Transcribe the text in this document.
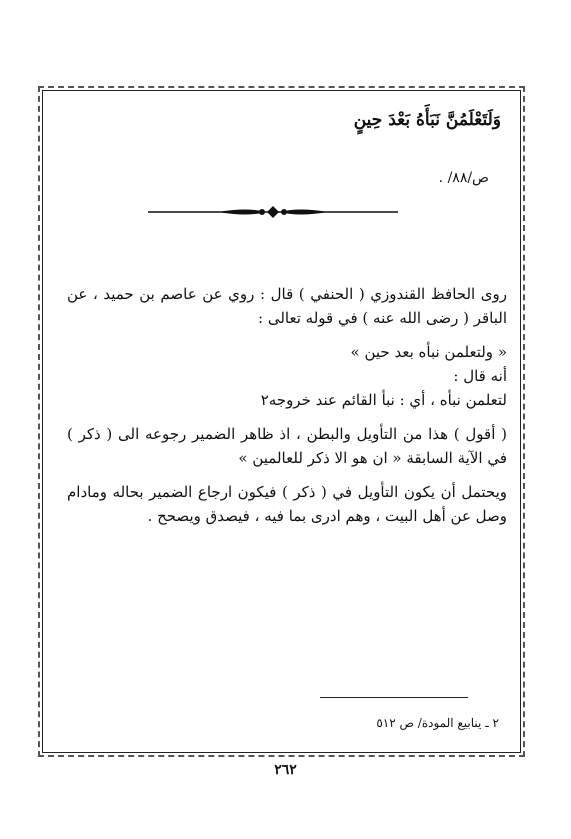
وَلَتَعْلَمُنَّ نَبَأَهُ بَعْدَ حِينٍ
ص/٨٨/ .

روى الحافظ القندوزي ( الحنفي ) قال : روي عن عاصم بن حميد ، عن الباقر ( رضى الله عنه ) في قوله تعالى :

« ولتعلمن نبأه بعد حين »

أنه قال :

لتعلمن نبأه ، أي : نبأ القائم عند خروجه٢

( أقول ) هذا من التأويل والبطن ، اذ ظاهر الضمير رجوعه الى ( ذكر ) في الآية السابقة « ان هو الا ذكر للعالمين »

ويحتمل أن يكون التأويل في ( ذكر ) فيكون ارجاع الضمير بحاله ومادام وصل عن أهل البيت ، وهم ادرى بما فيه ، فيصدق ويصحح .

٢ ـ ينابيع المودة/ ص ٥١٢
٢٦٢
